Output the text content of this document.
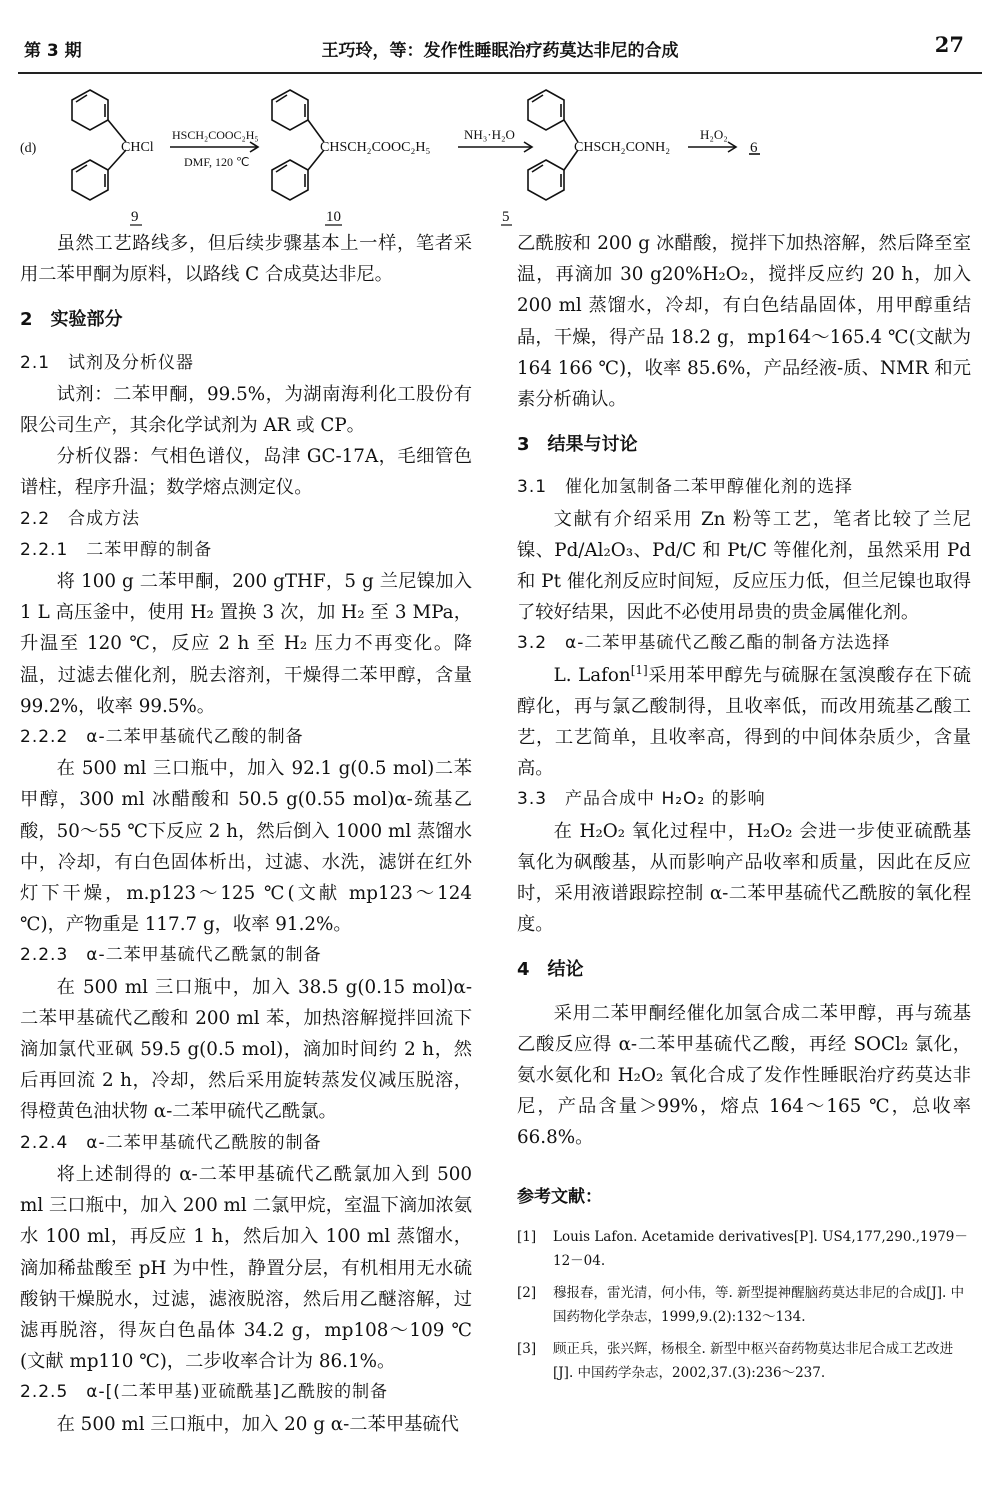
第 3 期	王巧玲，等：发作性睡眠治疗药莫达非尼的合成	27
(d)	CHCl
HSCH₂COOC₂H₅
DMF, 120 ℃
CHSCH₂COOC₂H₅
NH₃·H₂O
CHSCH₂CONH₂
H₂O₂
6
9	10	5

虽然工艺路线多，但后续步骤基本上一样，笔者采用二苯甲酮为原料，以路线 C 合成莫达非尼。

2　实验部分
2.1　试剂及分析仪器

试剂：二苯甲酮，99.5%，为湖南海利化工股份有限公司生产，其余化学试剂为 AR 或 CP。

分析仪器：气相色谱仪，岛津 GC-17A，毛细管色谱柱，程序升温；数学熔点测定仪。

2.2　合成方法
2.2.1　二苯甲醇的制备

将 100 g 二苯甲酮，200 gTHF，5 g 兰尼镍加入 1 L 高压釜中，使用 H₂ 置换 3 次，加 H₂ 至 3 MPa，升温至 120 ℃，反应 2 h 至 H₂ 压力不再变化。降温，过滤去催化剂，脱去溶剂，干燥得二苯甲醇，含量 99.2%，收率 99.5%。

2.2.2　α-二苯甲基硫代乙酸的制备

在 500 ml 三口瓶中，加入 92.1 g(0.5 mol)二苯甲醇，300 ml 冰醋酸和 50.5 g(0.55 mol)α-巯基乙酸，50～55 ℃下反应 2 h，然后倒入 1000 ml 蒸馏水中，冷却，有白色固体析出，过滤、水洗，滤饼在红外灯下干燥，m.p123～125 ℃(文献 mp123～124 ℃)，产物重是 117.7 g，收率 91.2%。

2.2.3　α-二苯甲基硫代乙酰氯的制备

在 500 ml 三口瓶中，加入 38.5 g(0.15 mol)α-二苯甲基硫代乙酸和 200 ml 苯，加热溶解搅拌回流下滴加氯代亚砜 59.5 g(0.5 mol)，滴加时间约 2 h，然后再回流 2 h，冷却，然后采用旋转蒸发仪减压脱溶，得橙黄色油状物 α-二苯甲硫代乙酰氯。

2.2.4　α-二苯甲基硫代乙酰胺的制备

将上述制得的 α-二苯甲基硫代乙酰氯加入到 500 ml 三口瓶中，加入 200 ml 二氯甲烷，室温下滴加浓氨水 100 ml，再反应 1 h，然后加入 100 ml 蒸馏水，滴加稀盐酸至 pH 为中性，静置分层，有机相用无水硫酸钠干燥脱水，过滤，滤液脱溶，然后用乙醚溶解，过滤再脱溶，得灰白色晶体 34.2 g，mp108～109 ℃(文献 mp110 ℃)，二步收率合计为 86.1%。

2.2.5　α-[(二苯甲基)亚硫酰基]乙酰胺的制备

在 500 ml 三口瓶中，加入 20 g α-二苯甲基硫代

乙酰胺和 200 g 冰醋酸，搅拌下加热溶解，然后降至室温，再滴加 30 g20%H₂O₂，搅拌反应约 20 h，加入 200 ml 蒸馏水，冷却，有白色结晶固体，用甲醇重结晶，干燥，得产品 18.2 g，mp164～165.4 ℃(文献为 164 166 ℃)，收率 85.6%，产品经液-质、NMR 和元素分析确认。

3　结果与讨论
3.1　催化加氢制备二苯甲醇催化剂的选择

文献有介绍采用 Zn 粉等工艺，笔者比较了兰尼镍、Pd/Al₂O₃、Pd/C 和 Pt/C 等催化剂，虽然采用 Pd 和 Pt 催化剂反应时间短，反应压力低，但兰尼镍也取得了较好结果，因此不必使用昂贵的贵金属催化剂。

3.2　α-二苯甲基硫代乙酸乙酯的制备方法选择

L. Lafon[1]采用苯甲醇先与硫脲在氢溴酸存在下硫醇化，再与氯乙酸制得，且收率低，而改用巯基乙酸工艺，工艺简单，且收率高，得到的中间体杂质少，含量高。

3.3　产品合成中 H₂O₂ 的影响

在 H₂O₂ 氧化过程中，H₂O₂ 会进一步使亚硫酰基氧化为砜酸基，从而影响产品收率和质量，因此在反应时，采用液谱跟踪控制 α-二苯甲基硫代乙酰胺的氧化程度。

4　结论

采用二苯甲酮经催化加氢合成二苯甲醇，再与巯基乙酸反应得 α-二苯甲基硫代乙酸，再经 SOCl₂ 氯化，氨水氨化和 H₂O₂ 氧化合成了发作性睡眠治疗药莫达非尼，产品含量＞99%，熔点 164～165 ℃，总收率 66.8%。

参考文献：
[1] Louis Lafon. Acetamide derivatives[P]. US4,177,290.,1979－12－04.
[2] 穆报春，雷光清，何小伟，等. 新型提神醒脑药莫达非尼的合成[J]. 中国药物化学杂志，1999,9.(2):132～134.
[3] 顾正兵，张兴辉，杨根全. 新型中枢兴奋药物莫达非尼合成工艺改进[J]. 中国药学杂志，2002,37.(3):236～237.
